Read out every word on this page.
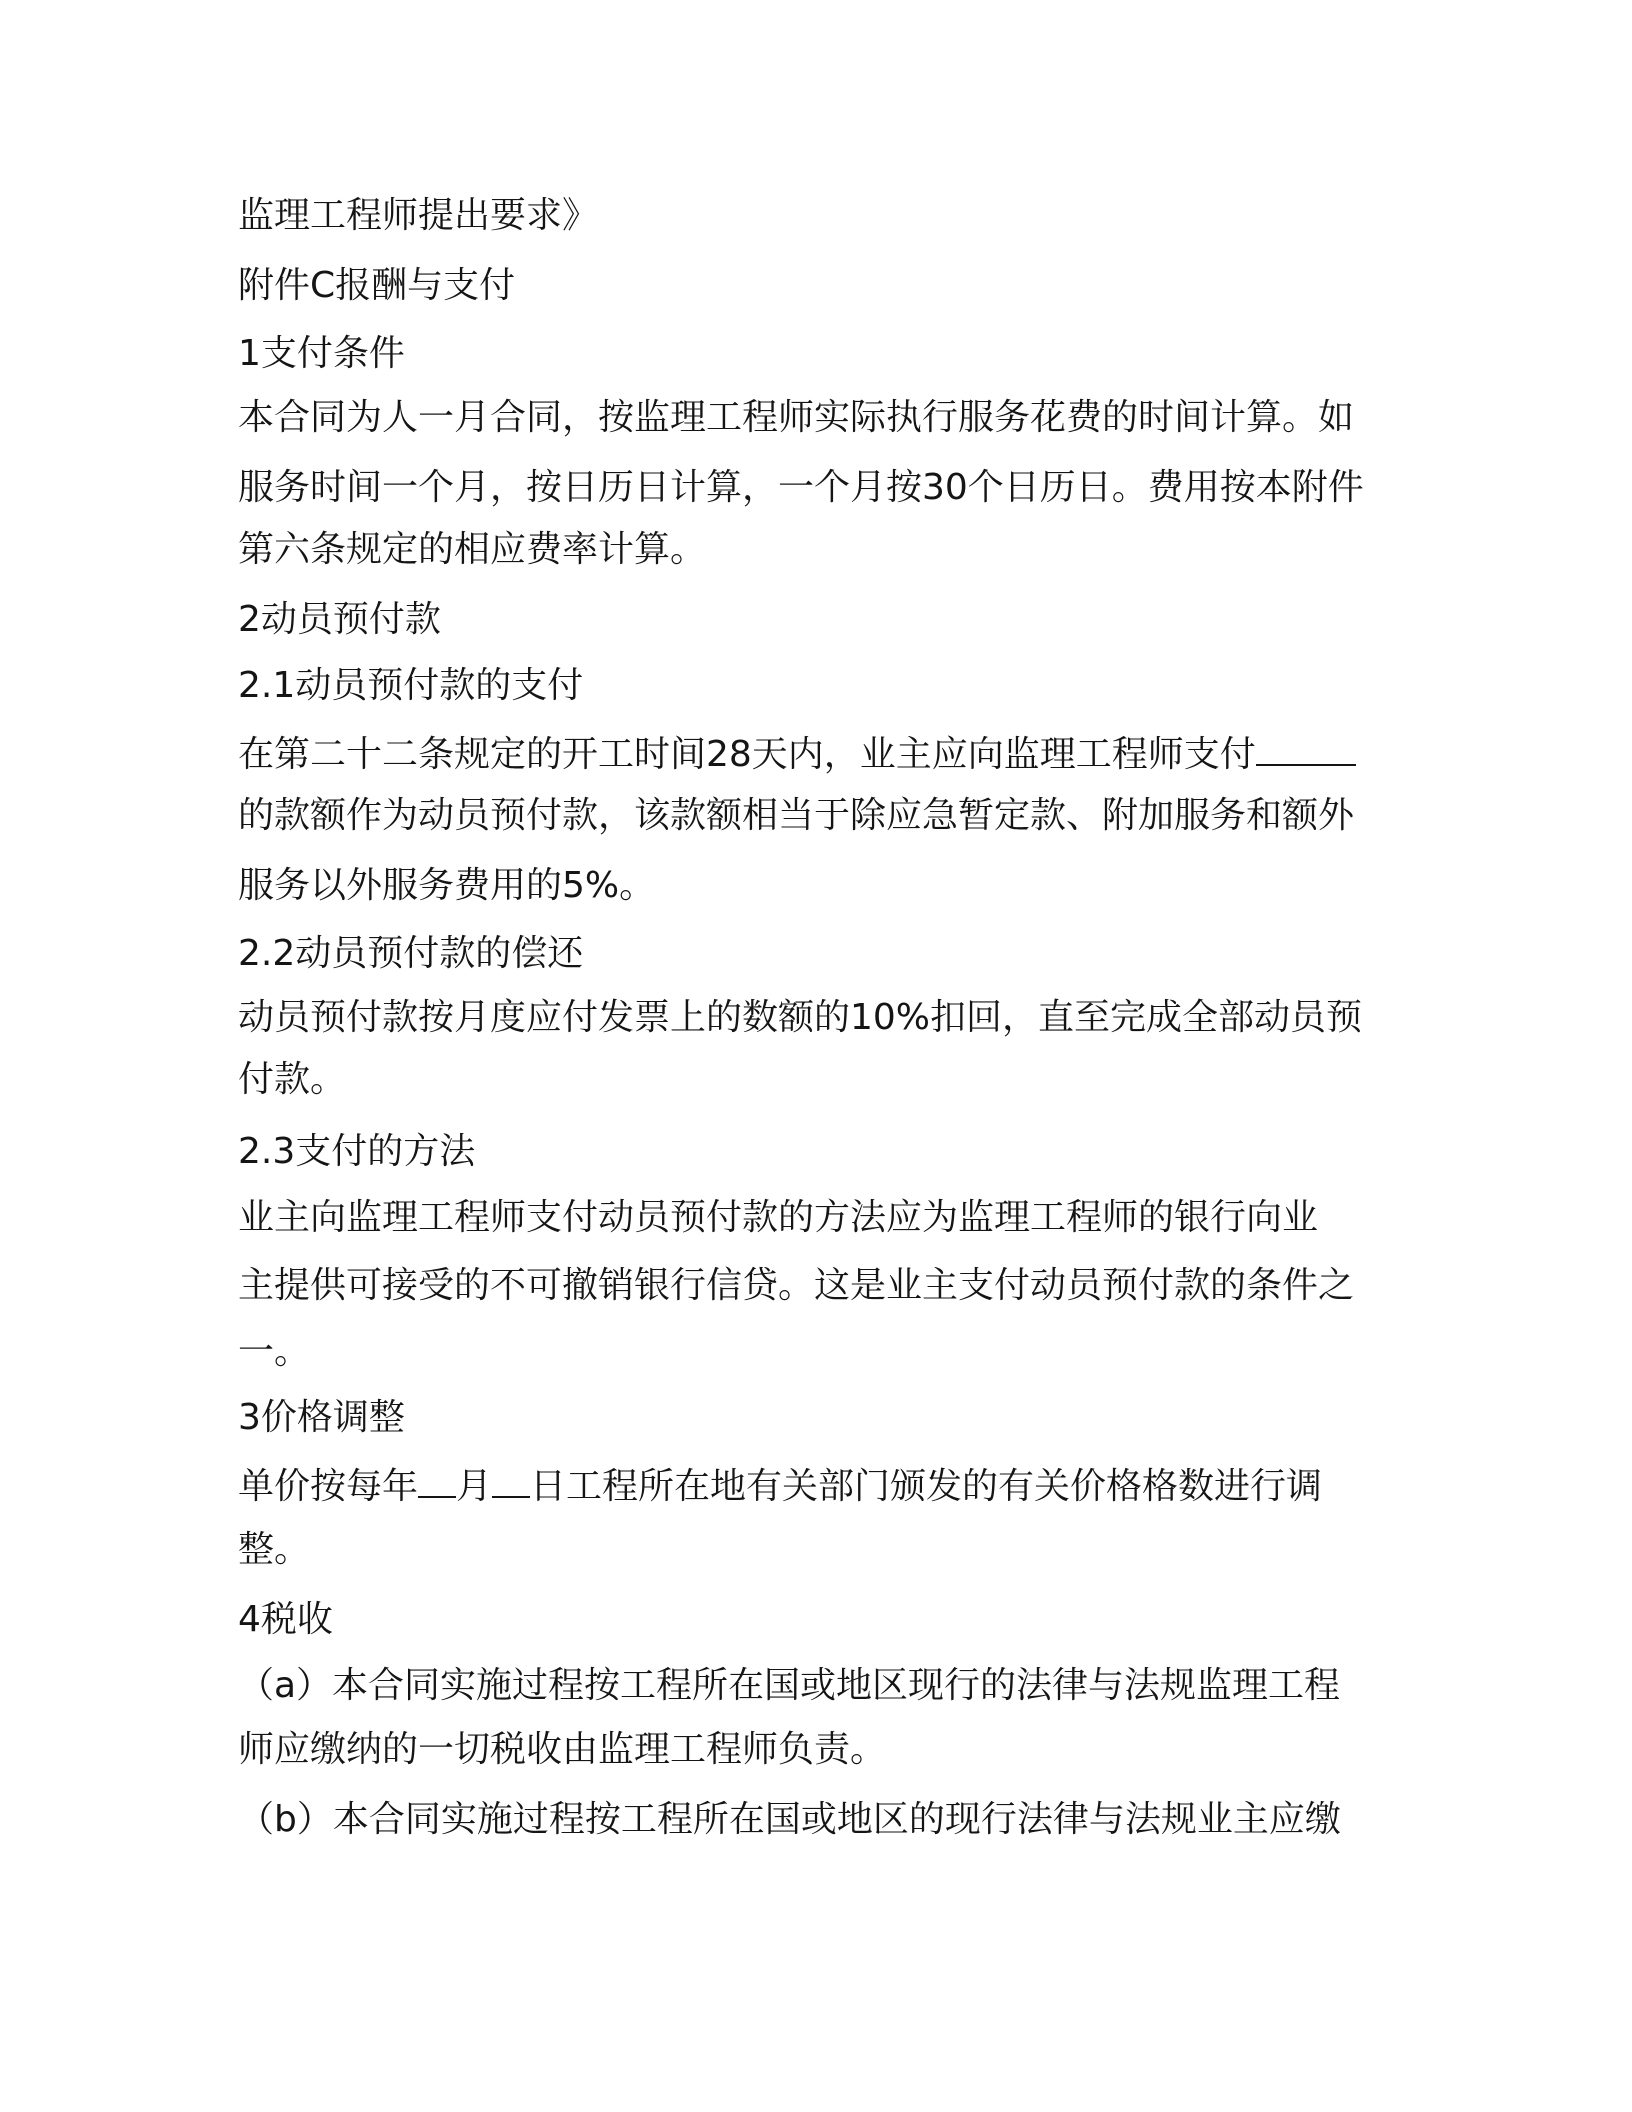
监理工程师提出要求》
附件C报酬与支付
1支付条件
本合同为人一月合同，按监理工程师实际执行服务花费的时间计算。如
服务时间一个月，按日历日计算，一个月按30个日历日。费用按本附件
第六条规定的相应费率计算。
2动员预付款
2.1动员预付款的支付
在第二十二条规定的开工时间28天内，业主应向监理工程师支付
的款额作为动员预付款，该款额相当于除应急暂定款、附加服务和额外
服务以外服务费用的5%。
2.2动员预付款的偿还
动员预付款按月度应付发票上的数额的10%扣回，直至完成全部动员预
付款。
2.3支付的方法
业主向监理工程师支付动员预付款的方法应为监理工程师的银行向业
主提供可接受的不可撤销银行信贷。这是业主支付动员预付款的条件之
一。
3价格调整
单价按每年 月 日工程所在地有关部门颁发的有关价格格数进行调
整。
4税收
（a）本合同实施过程按工程所在国或地区现行的法律与法规监理工程
师应缴纳的一切税收由监理工程师负责。
（b）本合同实施过程按工程所在国或地区的现行法律与法规业主应缴
